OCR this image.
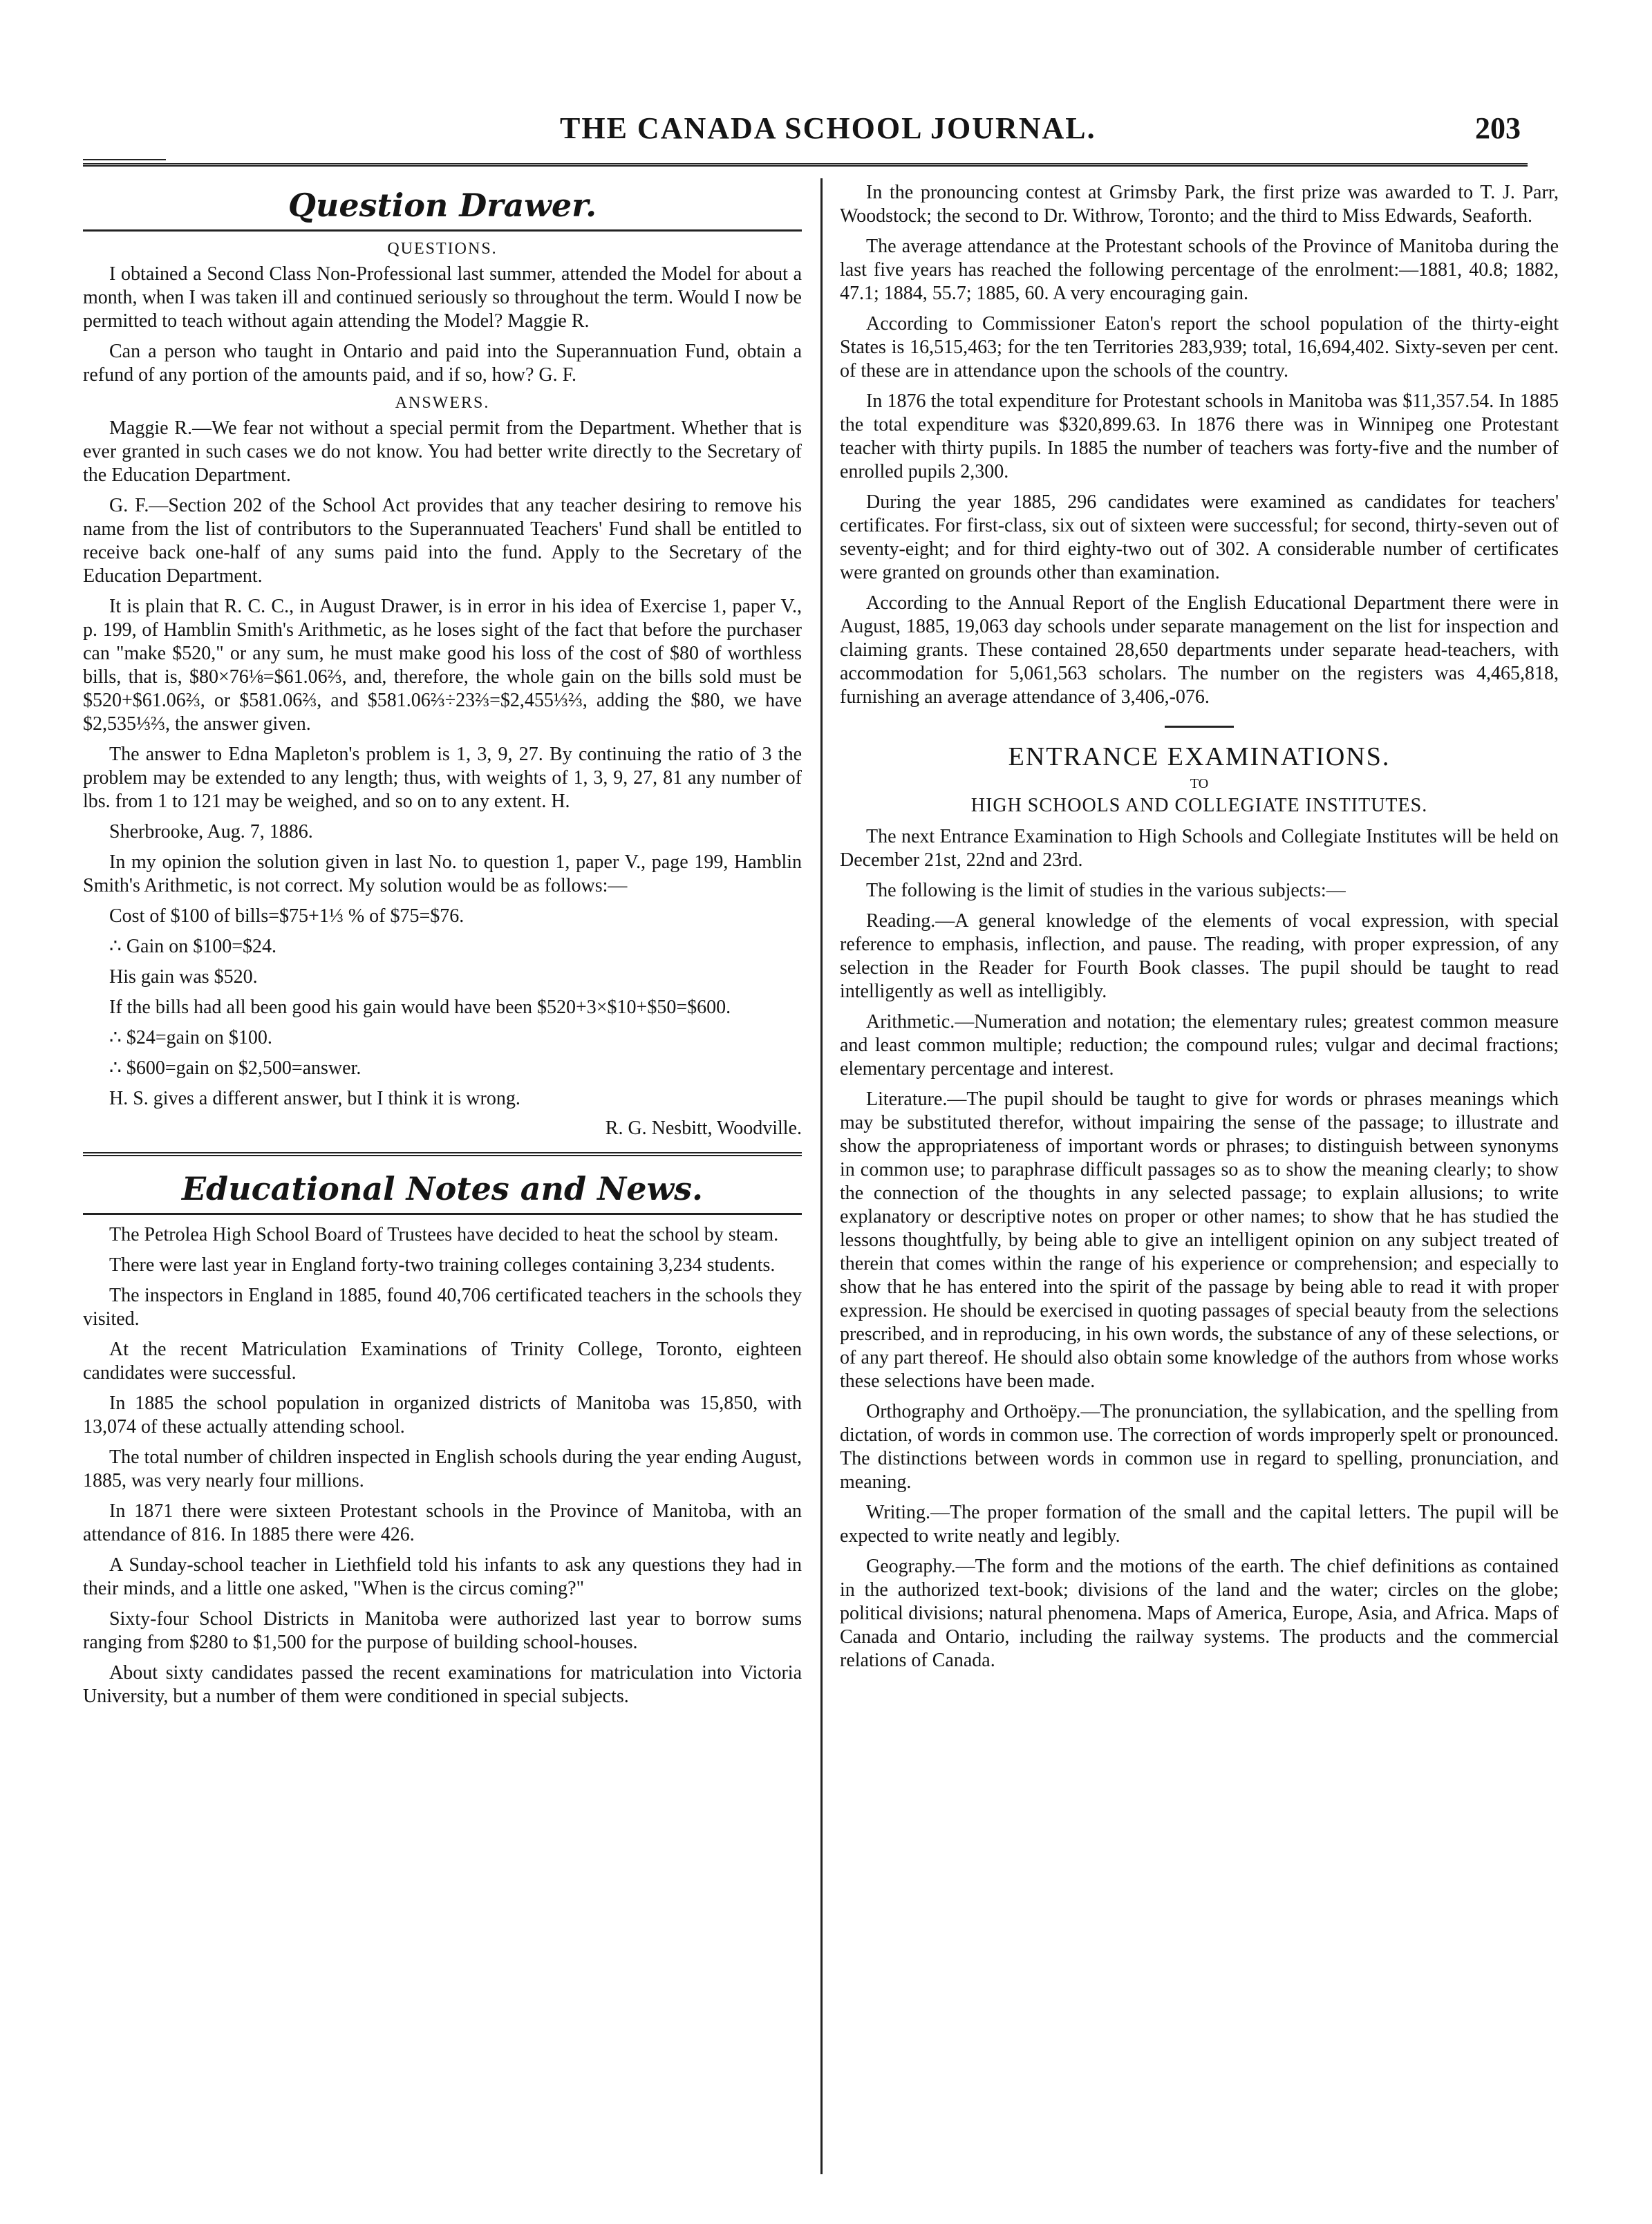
THE CANADA SCHOOL JOURNAL.	203
Question Drawer.
QUESTIONS.

I obtained a Second Class Non-Professional last summer, attended the Model for about a month, when I was taken ill and continued seriously so throughout the term. Would I now be permitted to teach without again attending the Model? Maggie R.

Can a person who taught in Ontario and paid into the Superannuation Fund, obtain a refund of any portion of the amounts paid, and if so, how? G. F.

ANSWERS.

Maggie R.—We fear not without a special permit from the Department. Whether that is ever granted in such cases we do not know. You had better write directly to the Secretary of the Education Department.

G. F.—Section 202 of the School Act provides that any teacher desiring to remove his name from the list of contributors to the Superannuated Teachers' Fund shall be entitled to receive back one-half of any sums paid into the fund. Apply to the Secretary of the Education Department.

It is plain that R. C. C., in August Drawer, is in error in his idea of Exercise 1, paper V., p. 199, of Hamblin Smith's Arithmetic, as he loses sight of the fact that before the purchaser can "make $520," or any sum, he must make good his loss of the cost of $80 of worthless bills, that is, $80×76⅛=$61.06⅔, and, therefore, the whole gain on the bills sold must be $520+$61.06⅔, or $581.06⅔, and $581.06⅔÷23⅔=$2,455⅓⅔, adding the $80, we have $2,535⅓⅔, the answer given.

The answer to Edna Mapleton's problem is 1, 3, 9, 27. By continuing the ratio of 3 the problem may be extended to any length; thus, with weights of 1, 3, 9, 27, 81 any number of lbs. from 1 to 121 may be weighed, and so on to any extent. H.

Sherbrooke, Aug. 7, 1886.

In my opinion the solution given in last No. to question 1, paper V., page 199, Hamblin Smith's Arithmetic, is not correct. My solution would be as follows:—

Cost of $100 of bills=$75+1⅓ % of $75=$76.

∴ Gain on $100=$24.

His gain was $520.

If the bills had all been good his gain would have been $520+3×$10+$50=$600.

∴ $24=gain on $100.

∴ $600=gain on $2,500=answer.

H. S. gives a different answer, but I think it is wrong.

R. G. Nesbitt, Woodville.
Educational Notes and News.

The Petrolea High School Board of Trustees have decided to heat the school by steam.

There were last year in England forty-two training colleges containing 3,234 students.

The inspectors in England in 1885, found 40,706 certificated teachers in the schools they visited.

At the recent Matriculation Examinations of Trinity College, Toronto, eighteen candidates were successful.

In 1885 the school population in organized districts of Manitoba was 15,850, with 13,074 of these actually attending school.

The total number of children inspected in English schools during the year ending August, 1885, was very nearly four millions.

In 1871 there were sixteen Protestant schools in the Province of Manitoba, with an attendance of 816. In 1885 there were 426.

A Sunday-school teacher in Liethfield told his infants to ask any questions they had in their minds, and a little one asked, "When is the circus coming?"

Sixty-four School Districts in Manitoba were authorized last year to borrow sums ranging from $280 to $1,500 for the purpose of building school-houses.

About sixty candidates passed the recent examinations for matriculation into Victoria University, but a number of them were conditioned in special subjects.

In the pronouncing contest at Grimsby Park, the first prize was awarded to T. J. Parr, Woodstock; the second to Dr. Withrow, Toronto; and the third to Miss Edwards, Seaforth.

The average attendance at the Protestant schools of the Province of Manitoba during the last five years has reached the following percentage of the enrolment:—1881, 40.8; 1882, 47.1; 1884, 55.7; 1885, 60. A very encouraging gain.

According to Commissioner Eaton's report the school population of the thirty-eight States is 16,515,463; for the ten Territories 283,939; total, 16,694,402. Sixty-seven per cent. of these are in attendance upon the schools of the country.

In 1876 the total expenditure for Protestant schools in Manitoba was $11,357.54. In 1885 the total expenditure was $320,899.63. In 1876 there was in Winnipeg one Protestant teacher with thirty pupils. In 1885 the number of teachers was forty-five and the number of enrolled pupils 2,300.

During the year 1885, 296 candidates were examined as candidates for teachers' certificates. For first-class, six out of sixteen were successful; for second, thirty-seven out of seventy-eight; and for third eighty-two out of 302. A considerable number of certificates were granted on grounds other than examination.

According to the Annual Report of the English Educational Department there were in August, 1885, 19,063 day schools under separate management on the list for inspection and claiming grants. These contained 28,650 departments under separate head-teachers, with accommodation for 5,061,563 scholars. The number on the registers was 4,465,818, furnishing an average attendance of 3,406,-076.

ENTRANCE EXAMINATIONS.
TO
HIGH SCHOOLS AND COLLEGIATE INSTITUTES.

The next Entrance Examination to High Schools and Collegiate Institutes will be held on December 21st, 22nd and 23rd.

The following is the limit of studies in the various subjects:—

Reading.—A general knowledge of the elements of vocal expression, with special reference to emphasis, inflection, and pause. The reading, with proper expression, of any selection in the Reader for Fourth Book classes. The pupil should be taught to read intelligently as well as intelligibly.

Arithmetic.—Numeration and notation; the elementary rules; greatest common measure and least common multiple; reduction; the compound rules; vulgar and decimal fractions; elementary percentage and interest.

Literature.—The pupil should be taught to give for words or phrases meanings which may be substituted therefor, without impairing the sense of the passage; to illustrate and show the appropriateness of important words or phrases; to distinguish between synonyms in common use; to paraphrase difficult passages so as to show the meaning clearly; to show the connection of the thoughts in any selected passage; to explain allusions; to write explanatory or descriptive notes on proper or other names; to show that he has studied the lessons thoughtfully, by being able to give an intelligent opinion on any subject treated of therein that comes within the range of his experience or comprehension; and especially to show that he has entered into the spirit of the passage by being able to read it with proper expression. He should be exercised in quoting passages of special beauty from the selections prescribed, and in reproducing, in his own words, the substance of any of these selections, or of any part thereof. He should also obtain some knowledge of the authors from whose works these selections have been made.

Orthography and Orthoëpy.—The pronunciation, the syllabication, and the spelling from dictation, of words in common use. The correction of words improperly spelt or pronounced. The distinctions between words in common use in regard to spelling, pronunciation, and meaning.

Writing.—The proper formation of the small and the capital letters. The pupil will be expected to write neatly and legibly.

Geography.—The form and the motions of the earth. The chief definitions as contained in the authorized text-book; divisions of the land and the water; circles on the globe; political divisions; natural phenomena. Maps of America, Europe, Asia, and Africa. Maps of Canada and Ontario, including the railway systems. The products and the commercial relations of Canada.
